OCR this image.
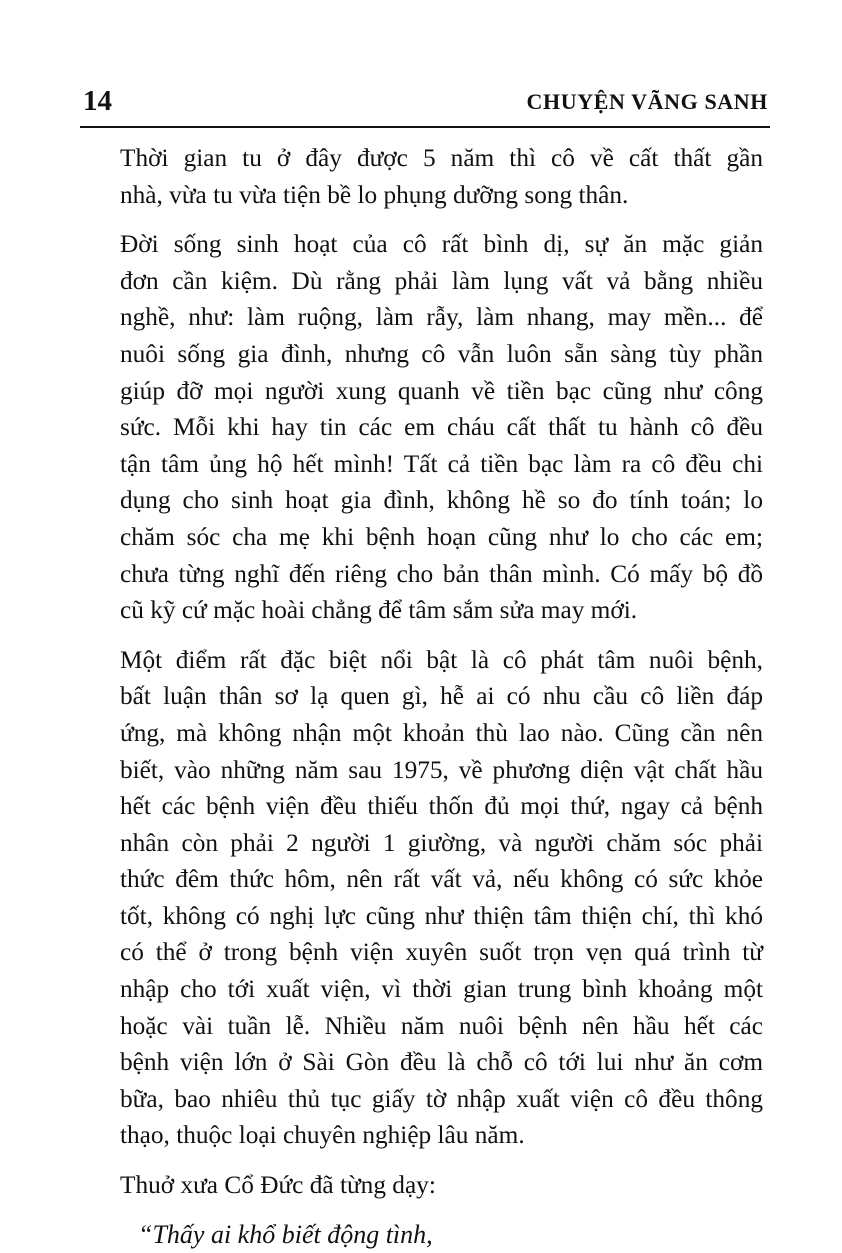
14	CHUYỆN VÃNG SANH

Thời gian tu ở đây được 5 năm thì cô về cất thất gần
nhà, vừa tu vừa tiện bề lo phụng dưỡng song thân.

Đời sống sinh hoạt của cô rất bình dị, sự ăn mặc giản
đơn cần kiệm. Dù rằng phải làm lụng vất vả bằng nhiều
nghề, như: làm ruộng, làm rẫy, làm nhang, may mền... để
nuôi sống gia đình, nhưng cô vẫn luôn sẵn sàng tùy phần
giúp đỡ mọi người xung quanh về tiền bạc cũng như công
sức. Mỗi khi hay tin các em cháu cất thất tu hành cô đều
tận tâm ủng hộ hết mình! Tất cả tiền bạc làm ra cô đều chi
dụng cho sinh hoạt gia đình, không hề so đo tính toán; lo
chăm sóc cha mẹ khi bệnh hoạn cũng như lo cho các em;
chưa từng nghĩ đến riêng cho bản thân mình. Có mấy bộ đồ
cũ kỹ cứ mặc hoài chẳng để tâm sắm sửa may mới.

Một điểm rất đặc biệt nổi bật là cô phát tâm nuôi bệnh,
bất luận thân sơ lạ quen gì, hễ ai có nhu cầu cô liền đáp
ứng, mà không nhận một khoản thù lao nào. Cũng cần nên
biết, vào những năm sau 1975, về phương diện vật chất hầu
hết các bệnh viện đều thiếu thốn đủ mọi thứ, ngay cả bệnh
nhân còn phải 2 người 1 giường, và người chăm sóc phải
thức đêm thức hôm, nên rất vất vả, nếu không có sức khỏe
tốt, không có nghị lực cũng như thiện tâm thiện chí, thì khó
có thể ở trong bệnh viện xuyên suốt trọn vẹn quá trình từ
nhập cho tới xuất viện, vì thời gian trung bình khoảng một
hoặc vài tuần lễ. Nhiều năm nuôi bệnh nên hầu hết các
bệnh viện lớn ở Sài Gòn đều là chỗ cô tới lui như ăn cơm
bữa, bao nhiêu thủ tục giấy tờ nhập xuất viện cô đều thông
thạo, thuộc loại chuyên nghiệp lâu năm.

Thuở xưa Cổ Đức đã từng dạy:

“Thấy ai khổ biết động tình,
